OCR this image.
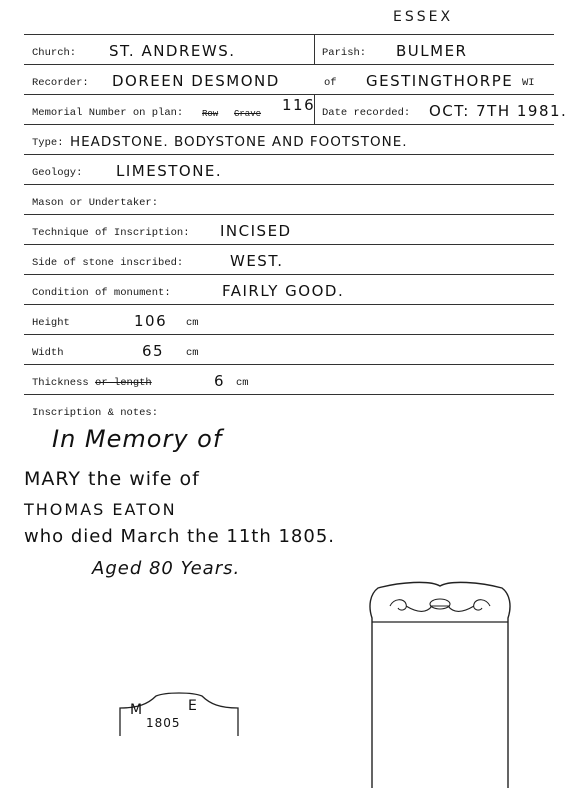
ESSEX
Church: ST. ANDREWS.	Parish: BULMER
Recorder: DOREEN DESMOND	of GESTINGTHORPE WI
Memorial Number on plan: Row Grave 116 Date recorded: OCT: 7TH 1981.
Type: HEADSTONE. BODYSTONE AND FOOTSTONE.
Geology: LIMESTONE.
Mason or Undertaker:
Technique of Inscription: INCISED
Side of stone inscribed:	WEST.
Condition of monument:	FAIRLY GOOD.
Height	106 cm
Width	65 cm
Thickness or length	6 cm
Inscription & notes:
In Memory of
MARY the wife of
THOMAS EATON
who died March the 11th 1805.
Aged 80 Years.
M	E
1805
